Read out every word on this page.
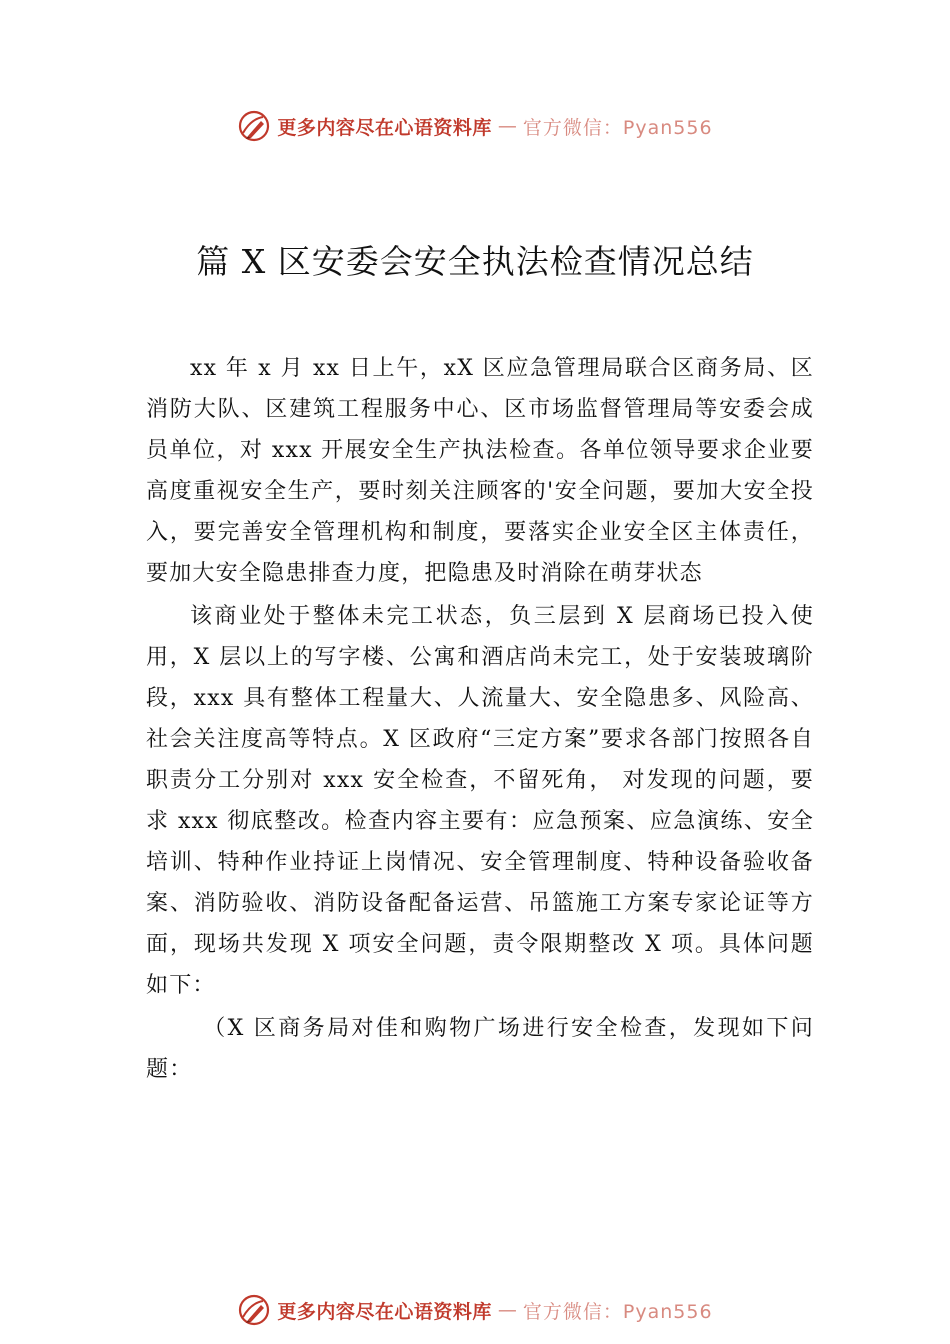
更多内容尽在心语资料库 — 官方微信：Pyan556
篇 X 区安委会安全执法检查情况总结

xx 年 x 月 xx 日上午，xX 区应急管理局联合区商务局、区消防大队、区建筑工程服务中心、区市场监督管理局等安委会成员单位，对 xxx 开展安全生产执法检查。各单位领导要求企业要高度重视安全生产，要时刻关注顾客的'安全问题，要加大安全投入，要完善安全管理机构和制度，要落实企业安全区主体责任，要加大安全隐患排查力度，把隐患及时消除在萌芽状态

该商业处于整体未完工状态，负三层到 X 层商场已投入使用，X 层以上的写字楼、公寓和酒店尚未完工，处于安装玻璃阶段，xxx 具有整体工程量大、人流量大、安全隐患多、风险高、社会关注度高等特点。X 区政府“三定方案”要求各部门按照各自职责分工分别对 xxx 安全检查，不留死角， 对发现的问题，要求 xxx 彻底整改。检查内容主要有：应急预案、应急演练、安全培训、特种作业持证上岗情况、安全管理制度、特种设备验收备案、消防验收、消防设备配备运营、吊篮施工方案专家论证等方面，现场共发现 X 项安全问题，责令限期整改 X 项。具体问题如下：

（X 区商务局对佳和购物广场进行安全检查，发现如下问题：

更多内容尽在心语资料库 — 官方微信：Pyan556
